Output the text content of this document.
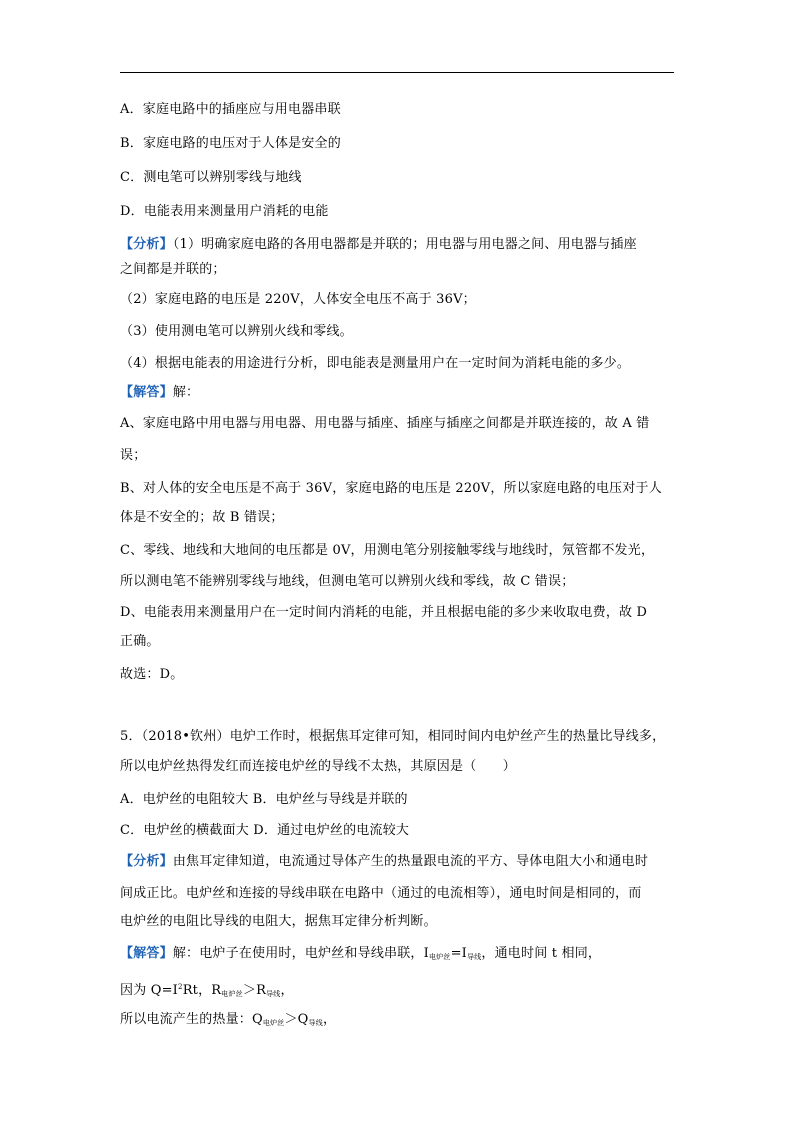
A．家庭电路中的插座应与用电器串联
B．家庭电路的电压对于人体是安全的
C．测电笔可以辨别零线与地线
D．电能表用来测量用户消耗的电能
【分析】（1）明确家庭电路的各用电器都是并联的；用电器与用电器之间、用电器与插座
之间都是并联的；
（2）家庭电路的电压是 220V，人体安全电压不高于 36V；
（3）使用测电笔可以辨别火线和零线。
（4）根据电能表的用途进行分析，即电能表是测量用户在一定时间为消耗电能的多少。
【解答】解：
A、家庭电路中用电器与用电器、用电器与插座、插座与插座之间都是并联连接的，故 A 错
误；
B、对人体的安全电压是不高于 36V，家庭电路的电压是 220V，所以家庭电路的电压对于人
体是不安全的；故 B 错误；
C、零线、地线和大地间的电压都是 0V，用测电笔分别接触零线与地线时，氖管都不发光，
所以测电笔不能辨别零线与地线，但测电笔可以辨别火线和零线，故 C 错误；
D、电能表用来测量用户在一定时间内消耗的电能，并且根据电能的多少来收取电费，故 D
正确。
故选：D。
5．（2018•钦州）电炉工作时，根据焦耳定律可知，相同时间内电炉丝产生的热量比导线多，
所以电炉丝热得发红而连接电炉丝的导线不太热，其原因是（　　）
A．电炉丝的电阻较大 B．电炉丝与导线是并联的
C．电炉丝的横截面大 D．通过电炉丝的电流较大
【分析】由焦耳定律知道，电流通过导体产生的热量跟电流的平方、导体电阻大小和通电时
间成正比。电炉丝和连接的导线串联在电路中（通过的电流相等），通电时间是相同的，而
电炉丝的电阻比导线的电阻大，据焦耳定律分析判断。
【解答】解：电炉子在使用时，电炉丝和导线串联，$I_{电炉丝}=I_{导线}$，通电时间 t 相同，
因为 $Q=I^2Rt$，$R_{电炉丝}>R_{导线}$，
所以电流产生的热量：$Q_{电炉丝}>Q_{导线}$，
